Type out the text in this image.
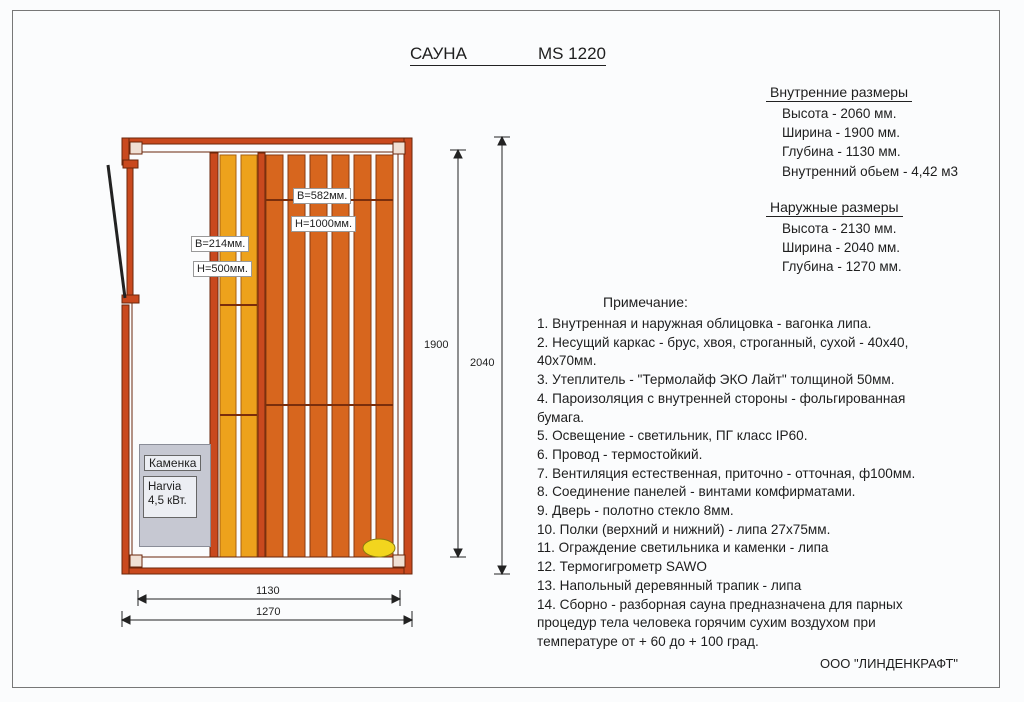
САУНА	MS 1220
Каменка
Harvia
4,5 кВт.
B=214мм.
H=500мм.
B=582мм.
H=1000мм.
1900
2040
1130
1270
Внутренние размеры
Высота - 2060 мм.
Ширина - 1900 мм.
Глубина - 1130 мм.
Внутренний обьем - 4,42 м3
Наружные размеры
Высота - 2130 мм.
Ширина - 2040 мм.
Глубина - 1270 мм.
Примечание:
1. Внутренная и наружная облицовка - вагонка липа.
2. Несущий каркас - брус, хвоя, строганный, сухой - 40х40,
40х70мм.
3. Утеплитель - "Термолайф ЭКО Лайт" толщиной 50мм.
4. Пароизоляция с внутренней стороны - фольгированная
бумага.
5. Освещение - светильник, ПГ класс IP60.
6. Провод - термостойкий.
7. Вентиляция естественная, приточно - отточная, ф100мм.
8. Соединение панелей - винтами комфирматами.
9. Дверь - полотно стекло 8мм.
10. Полки (верхний и нижний) - липа 27х75мм.
11. Ограждение светильника и каменки - липа
12. Термогигрометр SAWO
13. Напольный деревянный трапик - липа
14. Сборно - разборная сауна предназначена для парных
процедур тела человека горячим сухим воздухом при
температуре от + 60 до + 100 град.
ООО "ЛИНДЕНКРАФТ"
